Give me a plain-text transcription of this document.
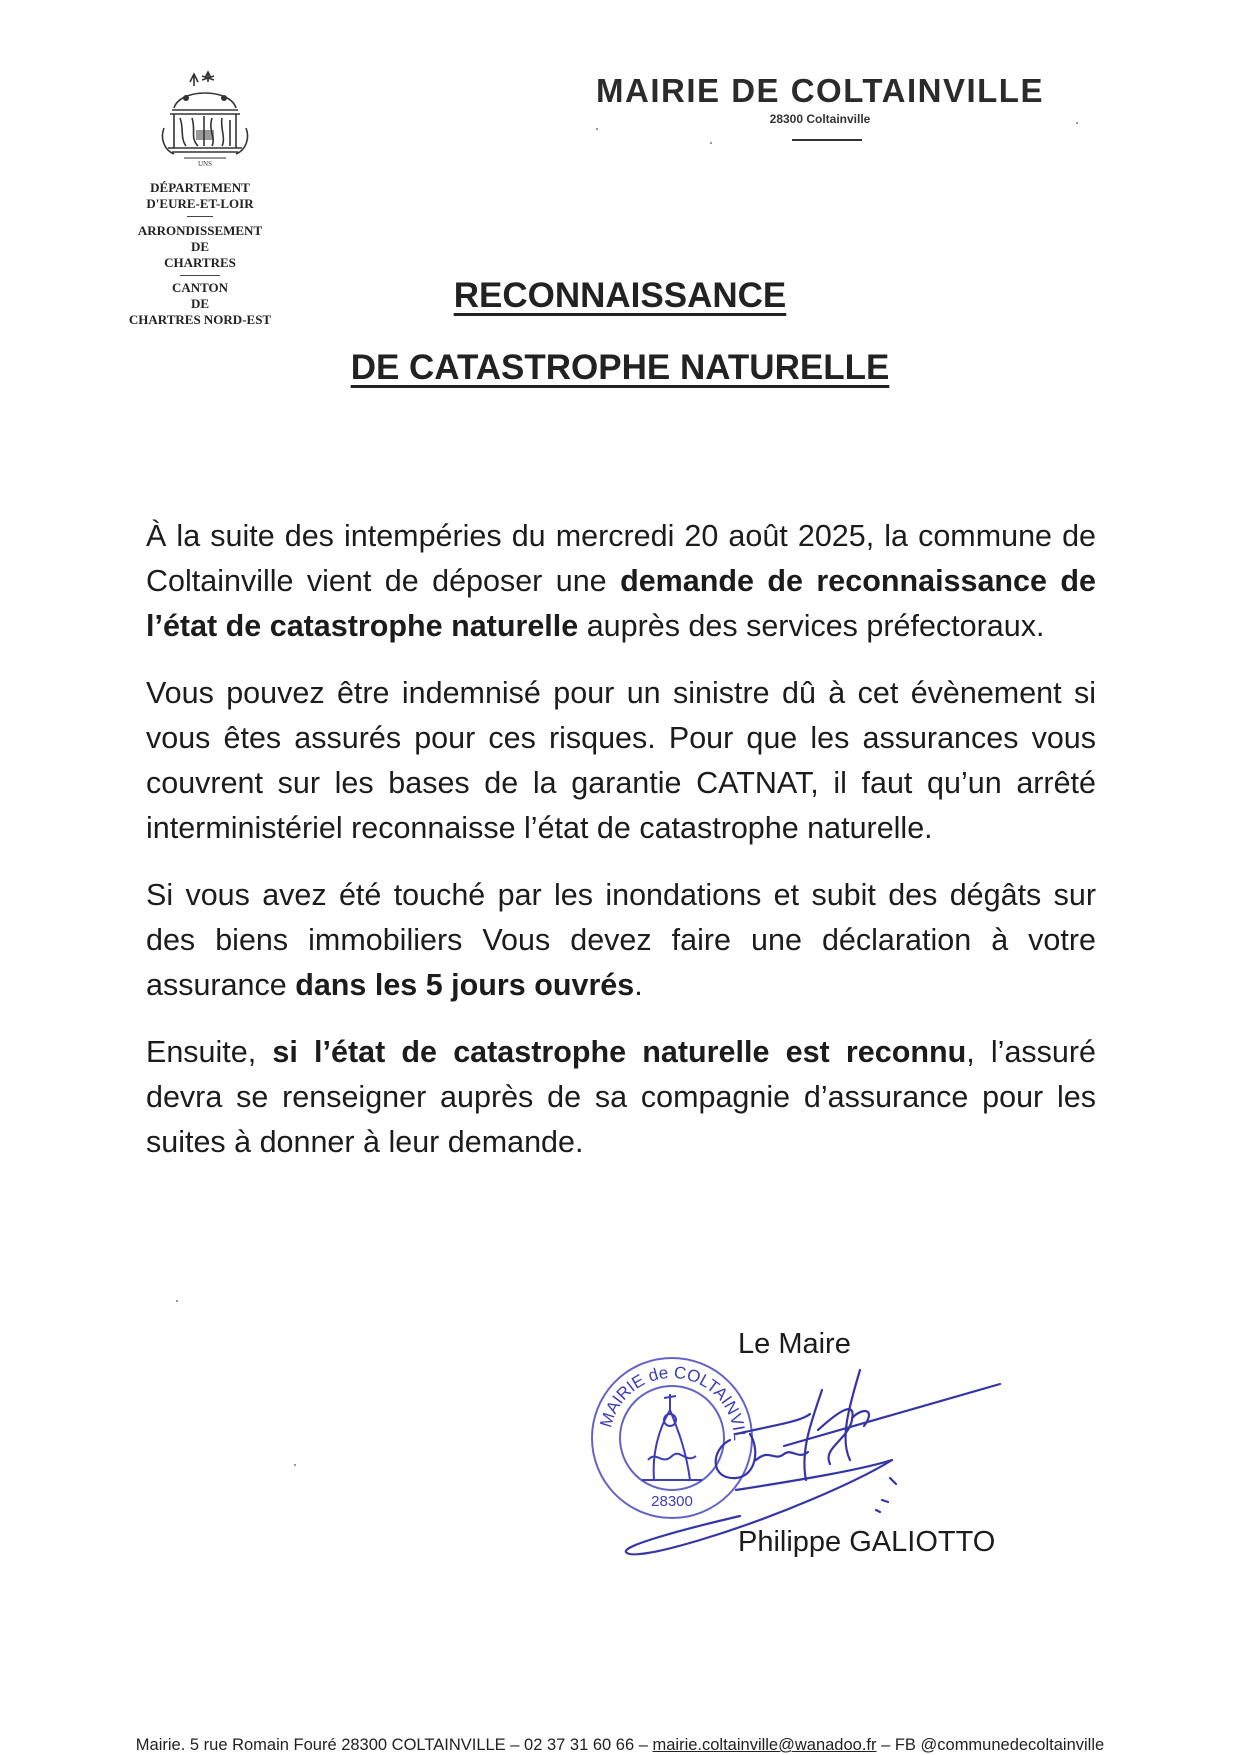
UNS
DÉPARTEMENT
D'EURE-ET-LOIR
ARRONDISSEMENT
DE
CHARTRES
CANTON
DE
CHARTRES NORD-EST
MAIRIE DE COLTAINVILLE
28300 Coltainville
RECONNAISSANCE
DE CATASTROPHE NATURELLE

À la suite des intempéries du mercredi 20 août 2025, la commune de Coltainville vient de déposer une demande de reconnaissance de l’état de catastrophe naturelle auprès des services préfectoraux.

Vous pouvez être indemnisé pour un sinistre dû à cet évènement si vous êtes assurés pour ces risques. Pour que les assurances vous couvrent sur les bases de la garantie CATNAT, il faut qu’un arrêté interministériel reconnaisse l’état de catastrophe naturelle.

Si vous avez été touché par les inondations et subit des dégâts sur des biens immobiliers Vous devez faire une déclaration à votre assurance dans les 5 jours ouvrés.

Ensuite, si l’état de catastrophe naturelle est reconnu, l’assuré devra se renseigner auprès de sa compagnie d’assurance pour les suites à donner à leur demande.

Le Maire
MAIRIE de COLTAINVIL
28300
Philippe GALIOTTO
Mairie. 5 rue Romain Fouré 28300 COLTAINVILLE – 02 37 31 60 66 – mairie.coltainville@wanadoo.fr – FB @communedecoltainville
